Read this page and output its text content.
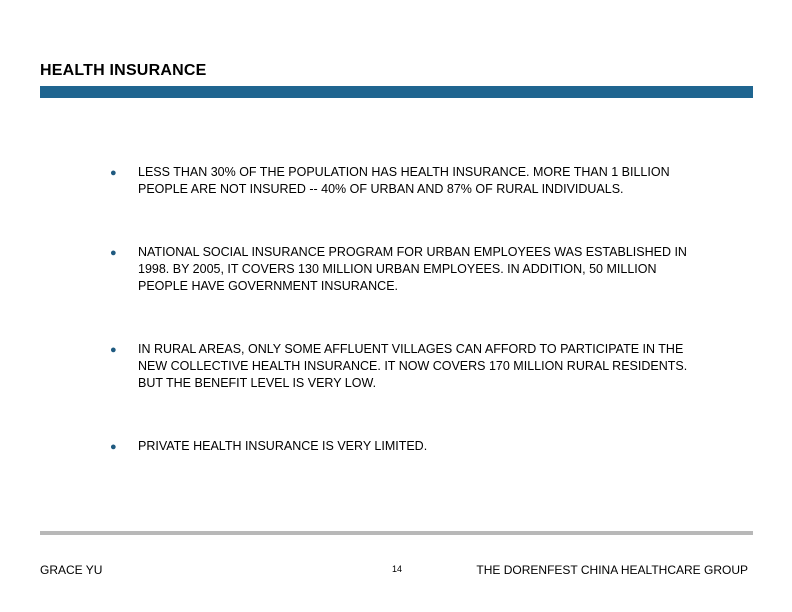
HEALTH INSURANCE
● LESS THAN 30% OF THE POPULATION HAS HEALTH INSURANCE. MORE THAN 1 BILLION PEOPLE ARE NOT INSURED -- 40% OF URBAN AND 87% OF RURAL INDIVIDUALS.
● NATIONAL SOCIAL INSURANCE PROGRAM FOR URBAN EMPLOYEES WAS ESTABLISHED IN 1998. BY 2005, IT COVERS 130 MILLION URBAN EMPLOYEES. IN ADDITION, 50 MILLION PEOPLE HAVE GOVERNMENT INSURANCE.
● IN RURAL AREAS, ONLY SOME AFFLUENT VILLAGES CAN AFFORD TO PARTICIPATE IN THE NEW COLLECTIVE HEALTH INSURANCE. IT NOW COVERS 170 MILLION RURAL RESIDENTS. BUT THE BENEFIT LEVEL IS VERY LOW.
● PRIVATE HEALTH INSURANCE IS VERY LIMITED.
GRACE YU	14	THE DORENFEST CHINA HEALTHCARE GROUP
